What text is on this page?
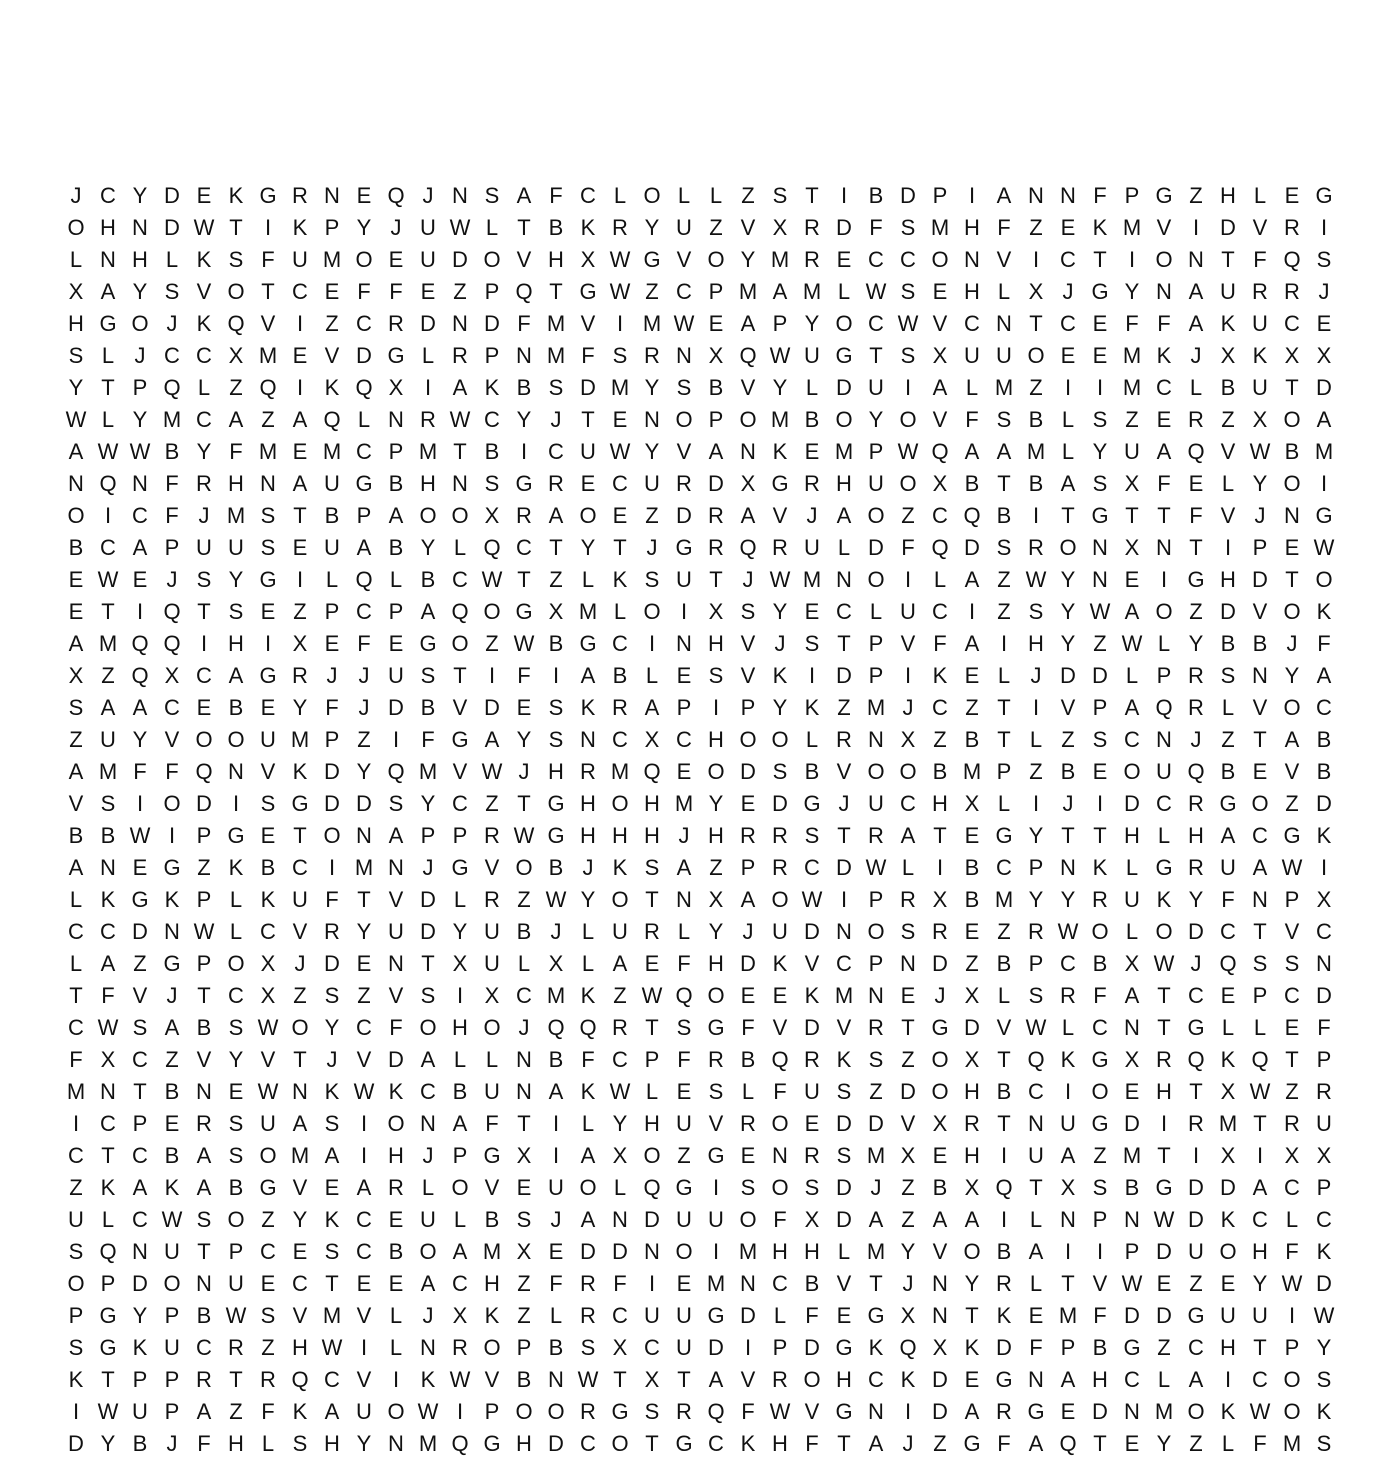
J C Y D E K G R N E Q J N S A F C L O L L Z S T	I B D P I A N N F P G Z H L E G
O H N D W T	I K P Y J U W L T B K R Y U Z V X R D F S M H F Z E K M V I D V R I
L N H L K S F U M O E U D O V H X W G V O Y M R E C C O N V I C T	I O N T F Q S
X A Y S V O T C E F F E Z P Q T G W Z C P M A M L W S E H L X J G Y N A U R R J
H G O J K Q V I	Z C R D N D F M V I M W E A P Y O C W V C N T C E F F A K U C E
S L J C C X M E V D G L R P N M F S R N X Q W U G T S X U U O E E M K J X K X X
Y T P Q L Z Q I K Q X I A K B S D M Y S B V Y L D U I A L M Z	I	I M C L B U T D
W L Y M C A Z A Q L N R W C Y J T E N O P O M B O Y O V F S B L S Z E R Z X O A
A W W B Y F M E M C P M T B I C U W Y V A N K E M P W Q A A M L Y U A Q V W B M
N Q N F R H N A U G B H N S G R E C U R D X G R H U O X B T B A S X F E L Y O I
O I C F J M S T B P A O O X R A O E Z D R A V J A O Z C Q B I	T G T T F V J N G
B C A P U U S E U A B Y L Q C T Y T J G R Q R U L D F Q D S R O N X N T	I P E W
E W E J S Y G I	L Q L B C W T Z L K S U T J W M N O I	L A Z W Y N E I G H D T O
E T	I Q T S E Z P C P A Q O G X M L O I X S Y E C L U C I	Z S Y W A O Z D V O K
A M Q Q I H I X E F E G O Z W B G C I N H V J S T P V F A I H Y Z W L Y B B J F
X Z Q X C A G R J J U S T	I	F	I A B L E S V K I D P I K E L J D D L P R S N Y A
S A A C E B E Y F J D B V D E S K R A P I P Y K Z M J C Z T	I V P A Q R L V O C
Z U Y V O O U M P Z	I	F G A Y S N C X C H O O L R N X Z B T L Z S C N J Z T A B
A M F F Q N V K D Y Q M V W J H R M Q E O D S B V O O B M P Z B E O U Q B E V B
V S I O D I S G D D S Y C Z T G H O H M Y E D G J U C H X L	I	J	I D C R G O Z D
B B W I P G E T O N A P P R W G H H H J H R R S T R A T E G Y T T H L H A C G K
A N E G Z K B C I M N J G V O B J K S A Z P R C D W L	I B C P N K L G R U A W I
L K G K P L K U F T V D L R Z W Y O T N X A O W I P R X B M Y Y R U K Y F N P X
C C D N W L C V R Y U D Y U B J L U R L Y J U D N O S R E Z R W O L O D C T V C
L A Z G P O X J D E N T X U L X L A E F H D K V C P N D Z B P C B X W J Q S S N
T F V J T C X Z S Z V S I X C M K Z W Q O E E K M N E J X L S R F A T C E P C D
C W S A B S W O Y C F O H O J Q Q R T S G F V D V R T G D V W L C N T G L L E F
F X C Z V Y V T J V D A L L N B F C P F R B Q R K S Z O X T Q K G X R Q K Q T P
M N T B N E W N K W K C B U N A K W L E S L F U S Z D O H B C I O E H T X W Z R
I C P E R S U A S I O N A F T	I	L Y H U V R O E D D V X R T N U G D I R M T R U
C T C B A S O M A I H J P G X I A X O Z G E N R S M X E H I U A Z M T	I X I X X
Z K A K A B G V E A R L O V E U O L Q G I S O S D J Z B X Q T X S B G D D A C P
U L C W S O Z Y K C E U L B S J A N D U U O F X D A Z A A I	L N P N W D K C L C
S Q N U T P C E S C B O A M X E D D N O I M H H L M Y V O B A I	I P D U O H F K
O P D O N U E C T E E A C H Z F R F	I E M N C B V T J N Y R L T V W E Z E Y W D
P G Y P B W S V M V L J X K Z L R C U U G D L F E G X N T K E M F D D G U U I W
S G K U C R Z H W I	L N R O P B S X C U D I P D G K Q X K D F P B G Z C H T P Y
K T P P R T R Q C V I K W V B N W T X T A V R O H C K D E G N A H C L A I C O S
I W U P A Z F K A U O W I P O O R G S R Q F W V G N I D A R G E D N M O K W O K
D Y B J F H L S H Y N M Q G H D C O T G C K H F T A J Z G F A Q T E Y Z L F M S
